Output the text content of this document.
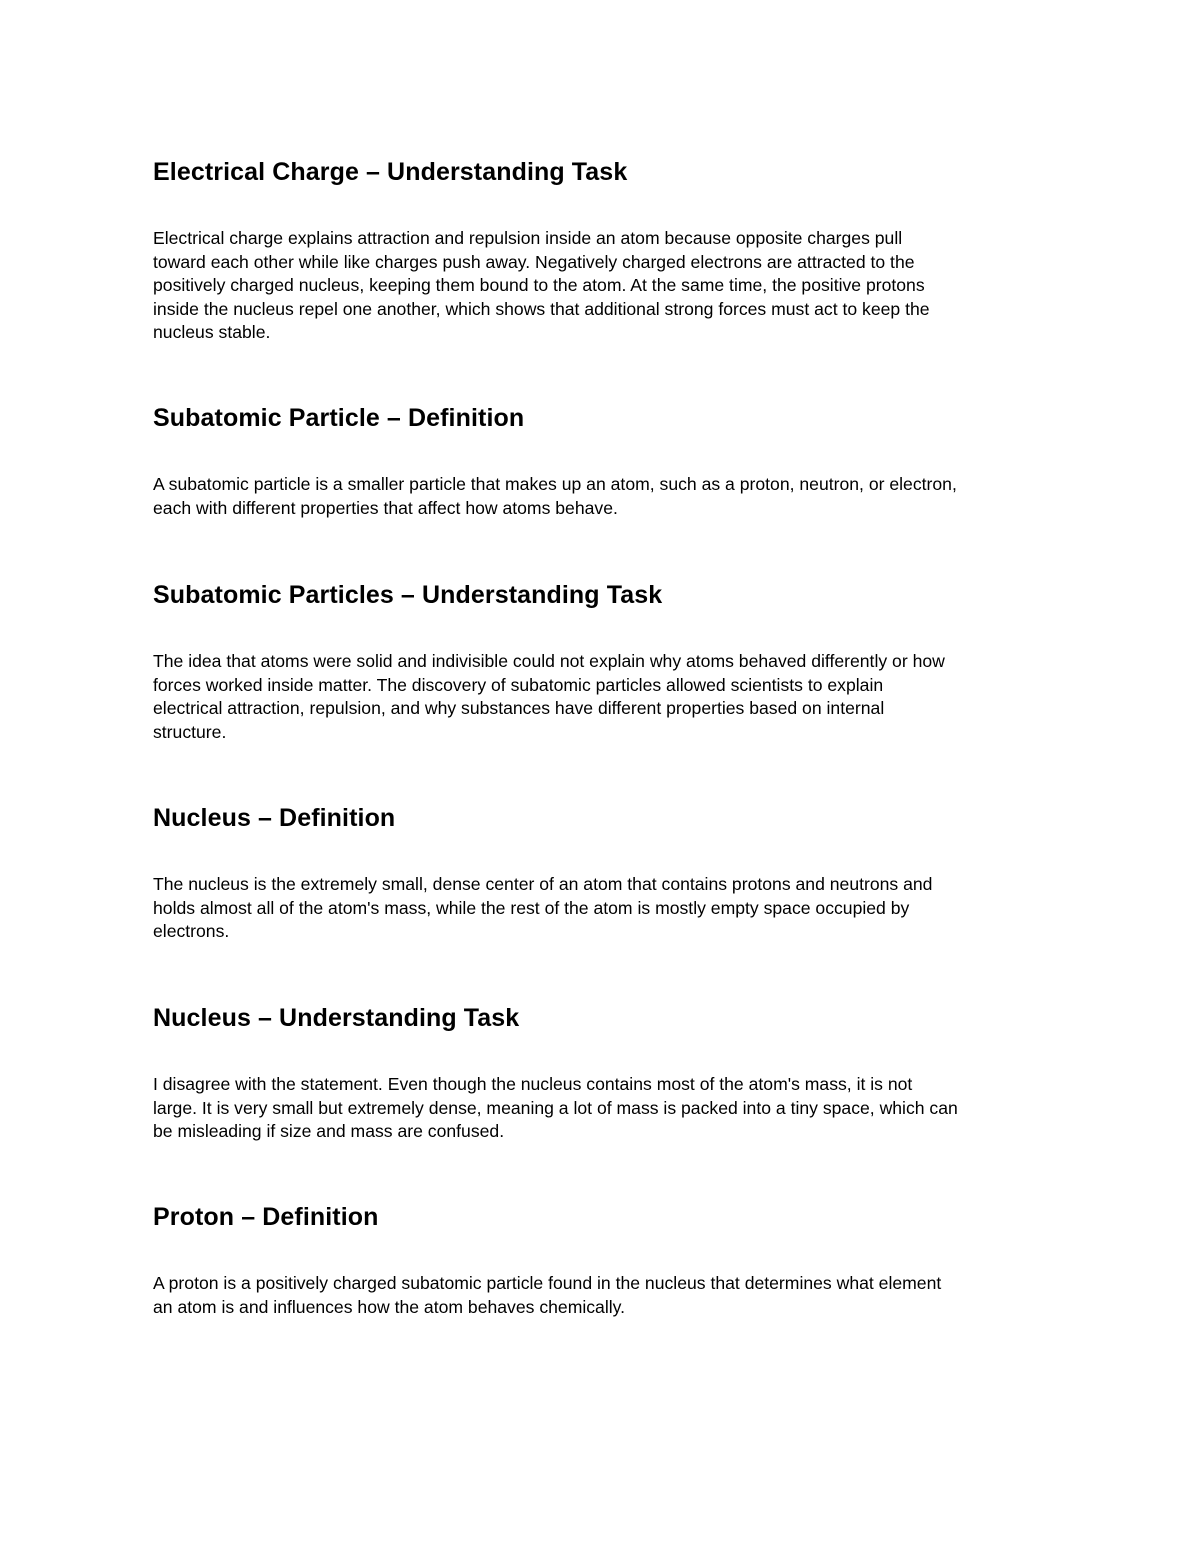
Electrical Charge – Understanding Task

Electrical charge explains attraction and repulsion inside an atom because opposite charges pull
toward each other while like charges push away. Negatively charged electrons are attracted to the
positively charged nucleus, keeping them bound to the atom. At the same time, the positive protons
inside the nucleus repel one another, which shows that additional strong forces must act to keep the
nucleus stable.

Subatomic Particle – Definition

A subatomic particle is a smaller particle that makes up an atom, such as a proton, neutron, or electron,
each with different properties that affect how atoms behave.

Subatomic Particles – Understanding Task

The idea that atoms were solid and indivisible could not explain why atoms behaved differently or how
forces worked inside matter. The discovery of subatomic particles allowed scientists to explain
electrical attraction, repulsion, and why substances have different properties based on internal
structure.

Nucleus – Definition

The nucleus is the extremely small, dense center of an atom that contains protons and neutrons and
holds almost all of the atom's mass, while the rest of the atom is mostly empty space occupied by
electrons.

Nucleus – Understanding Task

I disagree with the statement. Even though the nucleus contains most of the atom's mass, it is not
large. It is very small but extremely dense, meaning a lot of mass is packed into a tiny space, which can
be misleading if size and mass are confused.

Proton – Definition

A proton is a positively charged subatomic particle found in the nucleus that determines what element
an atom is and influences how the atom behaves chemically.
